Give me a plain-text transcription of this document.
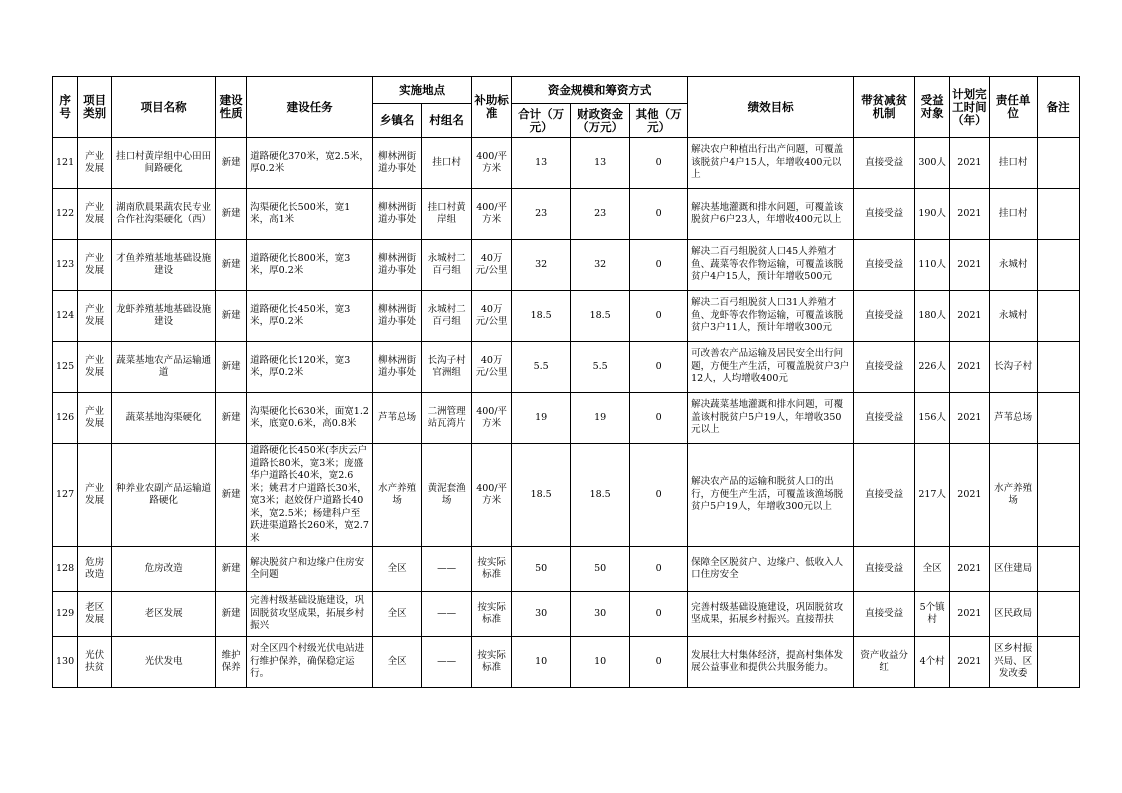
序号	项目类别	项目名称	建设性质	建设任务	实施地点		补助标准	资金规模和筹资方式			绩效目标	带贫减贫机制	受益对象	计划完工时间（年）	责任单位	备注
					乡镇名	村组名		合计（万元）	财政资金（万元）	其他（万元）						
121	产业发展	挂口村黄岸组中心田田间路硬化	新建	道路硬化370米，宽2.5米，厚0.2米	柳林洲街道办事处	挂口村	400/平方米	13	13	0	解决农户种植出行出产问题，可覆盖该脱贫户4户15人，年增收400元以上	直接受益	300人	2021	挂口村	
122	产业发展	湖南欣晨果蔬农民专业合作社沟渠硬化（西）	新建	沟渠硬化长500米，宽1米，高1米	柳林洲街道办事处	挂口村黄岸组	400/平方米	23	23	0	解决基地灌溉和排水问题，可覆盖该脱贫户6户23人，年增收400元以上	直接受益	190人	2021	挂口村	
123	产业发展	才鱼养殖基地基础设施建设	新建	道路硬化长800米，宽3米，厚0.2米	柳林洲街道办事处	永城村二百弓组	40万元/公里	32	32	0	解决二百弓组脱贫人口45人养殖才鱼、蔬菜等农作物运输，可覆盖该脱贫户4户15人，预计年增收500元	直接受益	110人	2021	永城村	
124	产业发展	龙虾养殖基地基础设施建设	新建	道路硬化长450米，宽3米，厚0.2米	柳林洲街道办事处	永城村二百弓组	40万元/公里	18.5	18.5	0	解决二百弓组脱贫人口31人养殖才鱼、龙虾等农作物运输，可覆盖该脱贫户3户11人，预计年增收300元	直接受益	180人	2021	永城村	
125	产业发展	蔬菜基地农产品运输通道	新建	道路硬化长120米，宽3米，厚0.2米	柳林洲街道办事处	长沟子村官洲组	40万元/公里	5.5	5.5	0	可改善农产品运输及居民安全出行问题，方便生产生活，可覆盖脱贫户3户12人，人均增收400元	直接受益	226人	2021	长沟子村	
126	产业发展	蔬菜基地沟渠硬化	新建	沟渠硬化长630米，面宽1.2米，底宽0.6米，高0.8米	芦苇总场	二洲管理站瓦湾片	400/平方米	19	19	0	解决蔬菜基地灌溉和排水问题，可覆盖该村脱贫户5户19人，年增收350元以上	直接受益	156人	2021	芦苇总场	
127	产业发展	种养业农副产品运输道路硬化	新建	道路硬化长450米(李庆云户道路长80米，宽3米；庞盛华户道路长40米，宽2.6米；姚君才户道路长30米，宽3米；赵姣伢户道路长40米，宽2.5米；杨建科户至跃进渠道路长260米，宽2.7米	水产养殖场	黄泥套渔场	400/平方米	18.5	18.5	0	解决农产品的运输和脱贫人口的出行，方便生产生活，可覆盖该渔场脱贫户5户19人，年增收300元以上	直接受益	217人	2021	水产养殖场	
128	危房改造	危房改造	新建	解决脱贫户和边缘户住房安全问题	全区	——	按实际标准	50	50	0	保障全区脱贫户、边缘户、低收入人口住房安全	直接受益	全区	2021	区住建局	
129	老区发展	老区发展	新建	完善村级基础设施建设，巩固脱贫攻坚成果，拓展乡村振兴	全区	——	按实际标准	30	30	0	完善村级基础设施建设，巩固脱贫攻坚成果，拓展乡村振兴。直接帮扶	直接受益	5个镇村	2021	区民政局	
130	光伏扶贫	光伏发电	维护保养	对全区四个村级光伏电站进行维护保养，确保稳定运行。	全区	——	按实际标准	10	10	0	发展壮大村集体经济，提高村集体发展公益事业和提供公共服务能力。	资产收益分红	4个村	2021	区乡村振兴局、区发改委	
